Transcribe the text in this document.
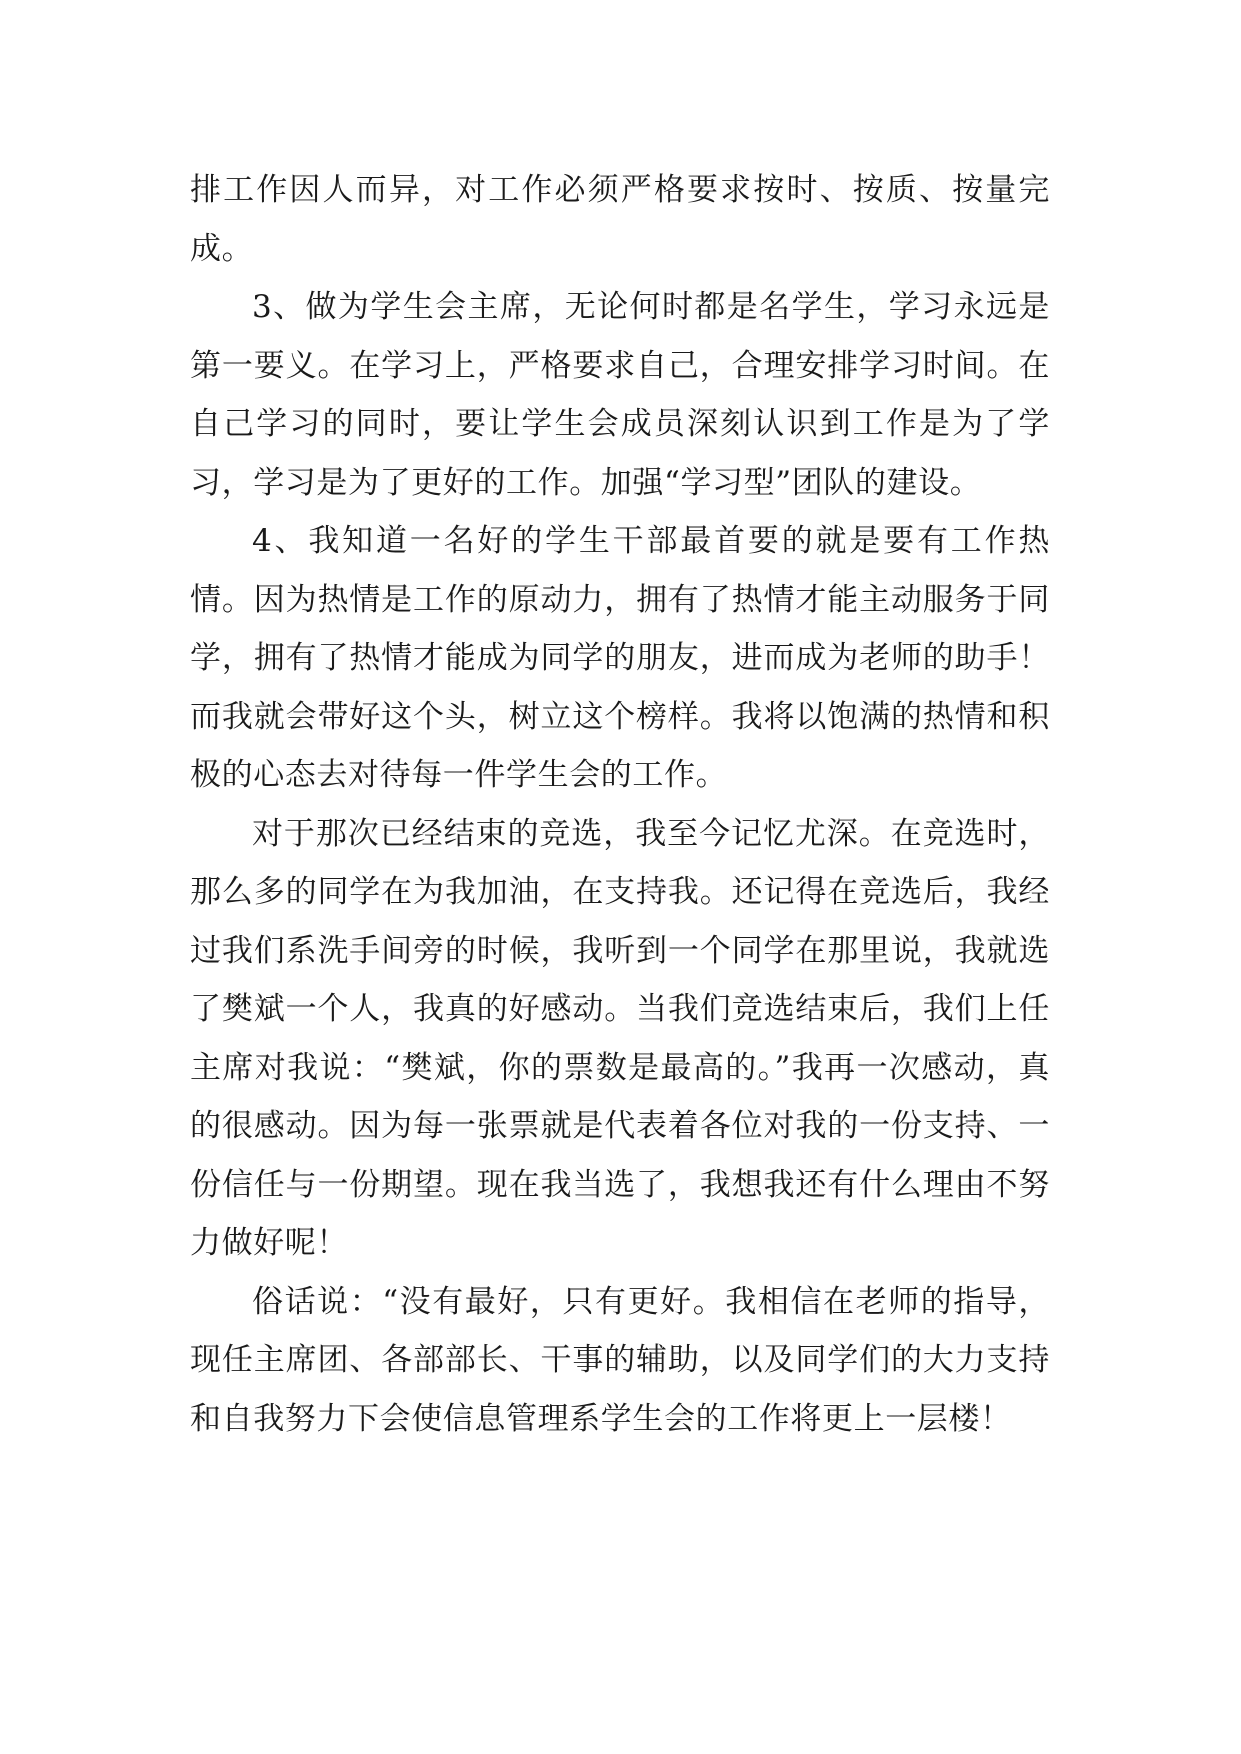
排工作因人而异，对工作必须严格要求按时、按质、按量完成。

3、做为学生会主席，无论何时都是名学生，学习永远是第一要义。在学习上，严格要求自己，合理安排学习时间。在自己学习的同时，要让学生会成员深刻认识到工作是为了学习，学习是为了更好的工作。加强“学习型”团队的建设。

4、我知道一名好的学生干部最首要的就是要有工作热情。因为热情是工作的原动力，拥有了热情才能主动服务于同学，拥有了热情才能成为同学的朋友，进而成为老师的助手！而我就会带好这个头，树立这个榜样。我将以饱满的热情和积极的心态去对待每一件学生会的工作。

对于那次已经结束的竞选，我至今记忆尤深。在竞选时，那么多的同学在为我加油，在支持我。还记得在竞选后，我经过我们系洗手间旁的时候，我听到一个同学在那里说，我就选了樊斌一个人，我真的好感动。当我们竞选结束后，我们上任主席对我说：“樊斌，你的票数是最高的。”我再一次感动，真的很感动。因为每一张票就是代表着各位对我的一份支持、一份信任与一份期望。现在我当选了，我想我还有什么理由不努力做好呢！

俗话说：“没有最好，只有更好。我相信在老师的指导，现任主席团、各部部长、干事的辅助，以及同学们的大力支持和自我努力下会使信息管理系学生会的工作将更上一层楼！
